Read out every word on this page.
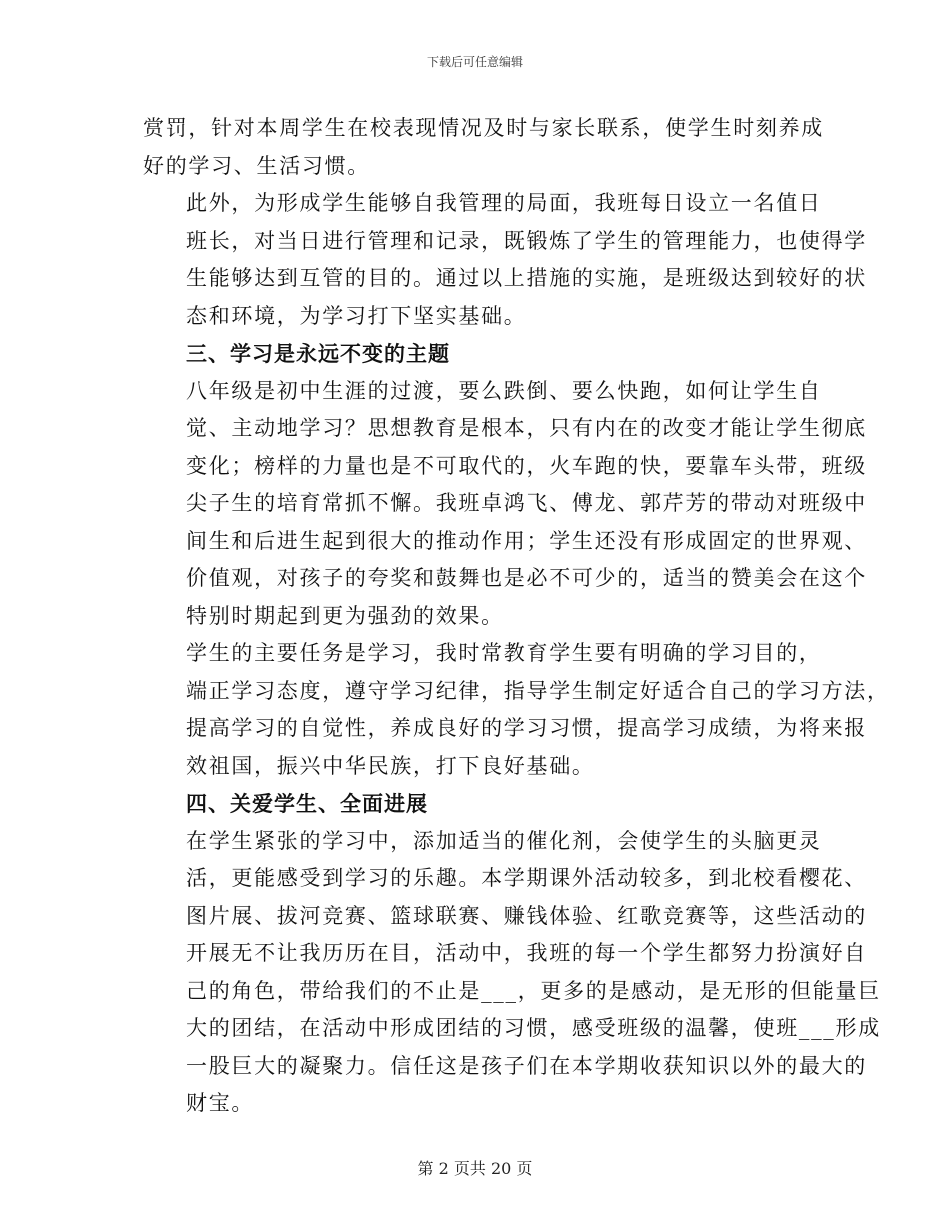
下载后可任意编辑
赏罚，针对本周学生在校表现情况及时与家长联系，使学生时刻养成
好的学习、生活习惯。
此外，为形成学生能够自我管理的局面，我班每日设立一名值日
班长，对当日进行管理和记录，既锻炼了学生的管理能力，也使得学
生能够达到互管的目的。通过以上措施的实施，是班级达到较好的状
态和环境，为学习打下坚实基础。
三、学习是永远不变的主题
八年级是初中生涯的过渡，要么跌倒、要么快跑，如何让学生自
觉、主动地学习？思想教育是根本，只有内在的改变才能让学生彻底
变化；榜样的力量也是不可取代的，火车跑的快，要靠车头带，班级
尖子生的培育常抓不懈。我班卓鸿飞、傅龙、郭芹芳的带动对班级中
间生和后进生起到很大的推动作用；学生还没有形成固定的世界观、
价值观，对孩子的夸奖和鼓舞也是必不可少的，适当的赞美会在这个
特别时期起到更为强劲的效果。
学生的主要任务是学习，我时常教育学生要有明确的学习目的，
端正学习态度，遵守学习纪律，指导学生制定好适合自己的学习方法，
提高学习的自觉性，养成良好的学习习惯，提高学习成绩，为将来报
效祖国，振兴中华民族，打下良好基础。
四、关爱学生、全面进展
在学生紧张的学习中，添加适当的催化剂，会使学生的头脑更灵
活，更能感受到学习的乐趣。本学期课外活动较多，到北校看樱花、
图片展、拔河竞赛、篮球联赛、赚钱体验、红歌竞赛等，这些活动的
开展无不让我历历在目，活动中，我班的每一个学生都努力扮演好自
己的角色，带给我们的不止是___，更多的是感动，是无形的但能量巨
大的团结，在活动中形成团结的习惯，感受班级的温馨，使班___形成
一股巨大的凝聚力。信任这是孩子们在本学期收获知识以外的最大的
财宝。
第 2 页共 20 页
